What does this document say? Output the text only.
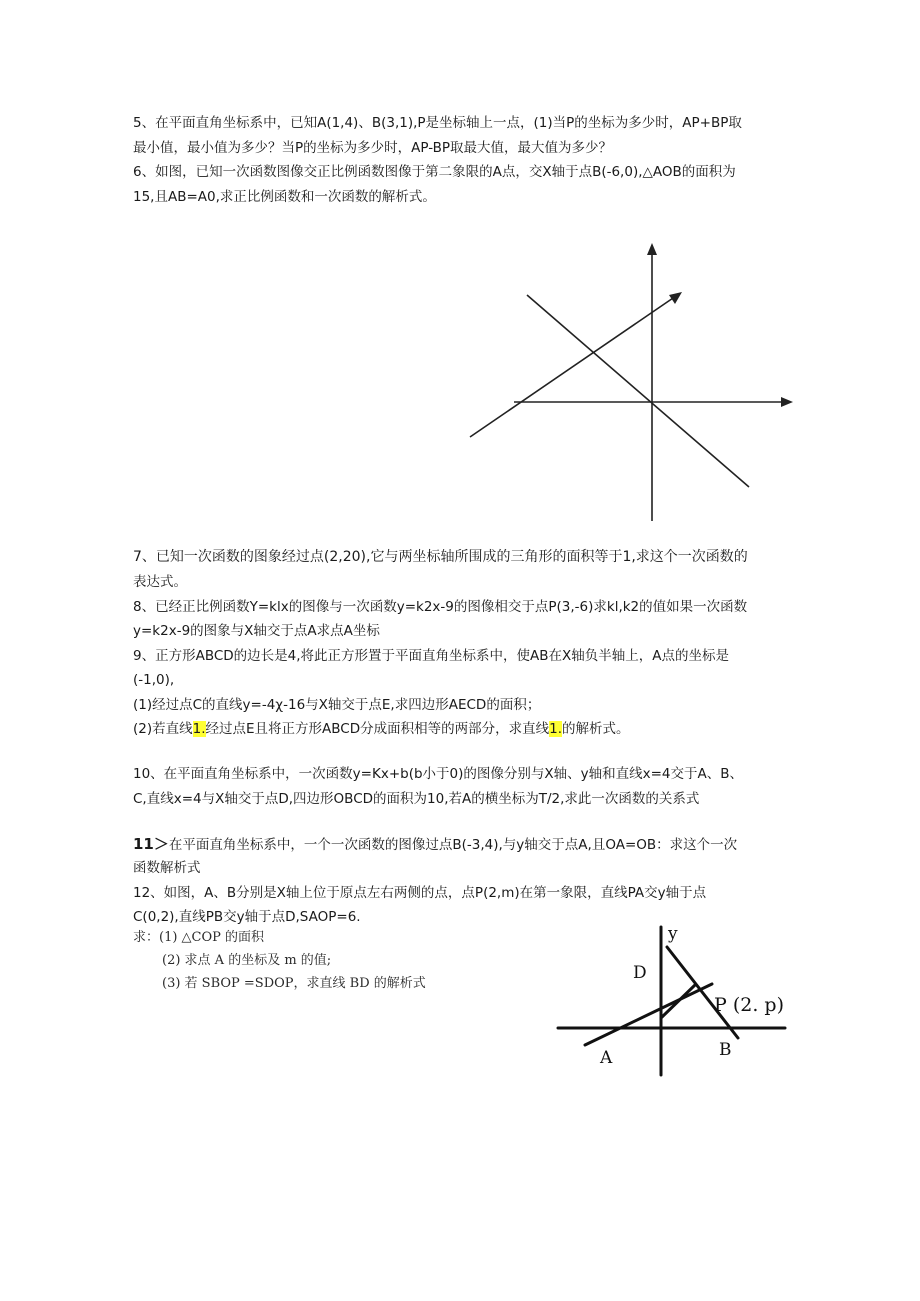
5、在平面直角坐标系中，已知A(1,4)、B(3,1),P是坐标轴上一点，(1)当P的坐标为多少时，AP+BP取
最小值，最小值为多少？当P的坐标为多少时，AP-BP取最大值，最大值为多少？
6、如图，已知一次函数图像交正比例函数图像于第二象限的A点，交X轴于点B(-6,0),△AOB的面积为
15,且AB=A0,求正比例函数和一次函数的解析式。
7、已知一次函数的图象经过点(2,20),它与两坐标轴所围成的三角形的面积等于1,求这个一次函数的
表达式。
8、已经正比例函数Y=klx的图像与一次函数y=k2x-9的图像相交于点P(3,-6)求kl,k2的值如果一次函数
y=k2x-9的图象与X轴交于点A求点A坐标
9、正方形ABCD的边长是4,将此正方形置于平面直角坐标系中，使AB在X轴负半轴上，A点的坐标是
(-1,0),
(1)经过点C的直线y=-4χ-16与X轴交于点E,求四边形AECD的面积；
(2)若直线1.经过点E且将正方形ABCD分成面积相等的两部分，求直线1.的解析式。
10、在平面直角坐标系中，一次函数y=Kx+b(b小于0)的图像分别与X轴、y轴和直线x=4交于A、B、
C,直线x=4与X轴交于点D,四边形OBCD的面积为10,若A的横坐标为T/2,求此一次函数的关系式
11＞在平面直角坐标系中，一个一次函数的图像过点B(-3,4),与y轴交于点A,且OA=OB：求这个一次
函数解析式
12、如图，A、B分别是X轴上位于原点左右两侧的点，点P(2,m)在第一象限，直线PA交y轴于点
C(0,2),直线PB交y轴于点D,SAOP=6.
求：(1) △COP 的面积
(2) 求点 A 的坐标及 m 的值;
(3) 若 SBOP =SDOP，求直线 BD 的解析式
y
D
P (2. p)
A	B
